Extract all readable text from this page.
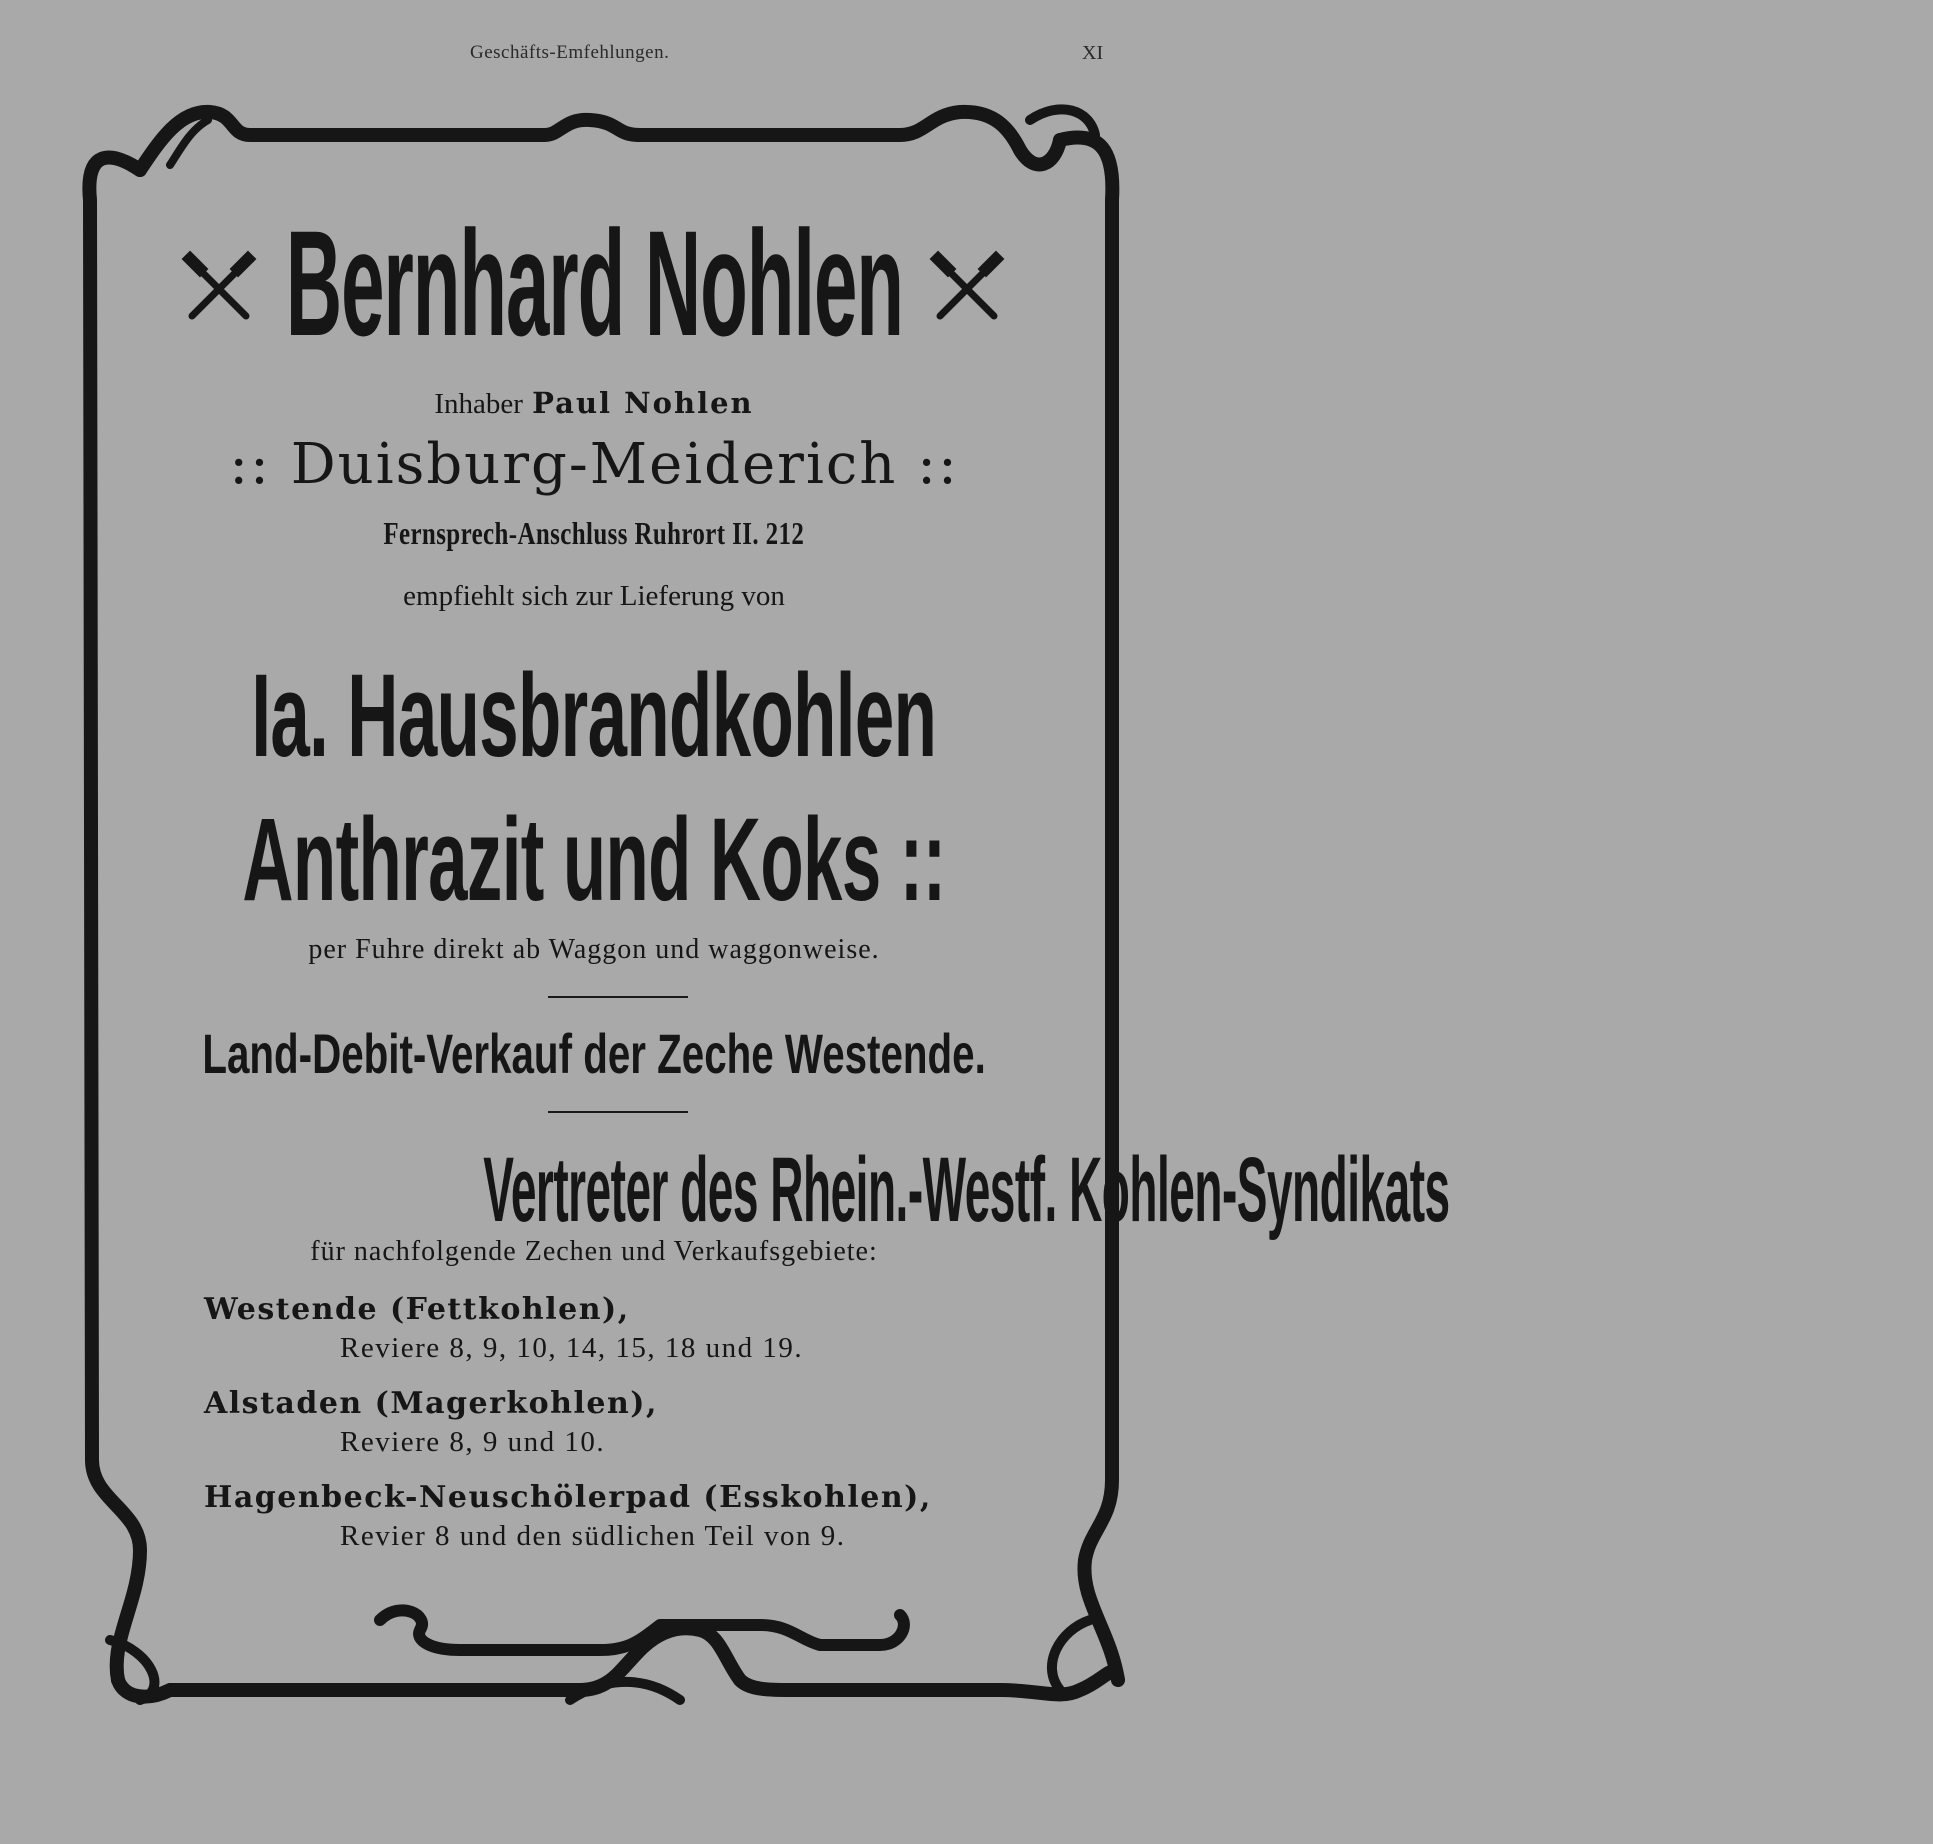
Geschäfts-Emfehlungen.	XI
Bernhard Nohlen
Inhaber Paul Nohlen
:: Duisburg-Meiderich ::
Fernsprech-Anschluss Ruhrort II. 212
empfiehlt sich zur Lieferung von
Ia. Hausbrandkohlen
Anthrazit und Koks ::
per Fuhre direkt ab Waggon und waggonweise.
Land-Debit-Verkauf der Zeche Westende.
Vertreter des Rhein.-Westf. Kohlen-Syndikats
für nachfolgende Zechen und Verkaufsgebiete:
Westende (Fettkohlen),
Reviere 8, 9, 10, 14, 15, 18 und 19.
Alstaden (Magerkohlen),
Reviere 8, 9 und 10.
Hagenbeck-Neuschölerpad (Esskohlen),
Revier 8 und den südlichen Teil von 9.
